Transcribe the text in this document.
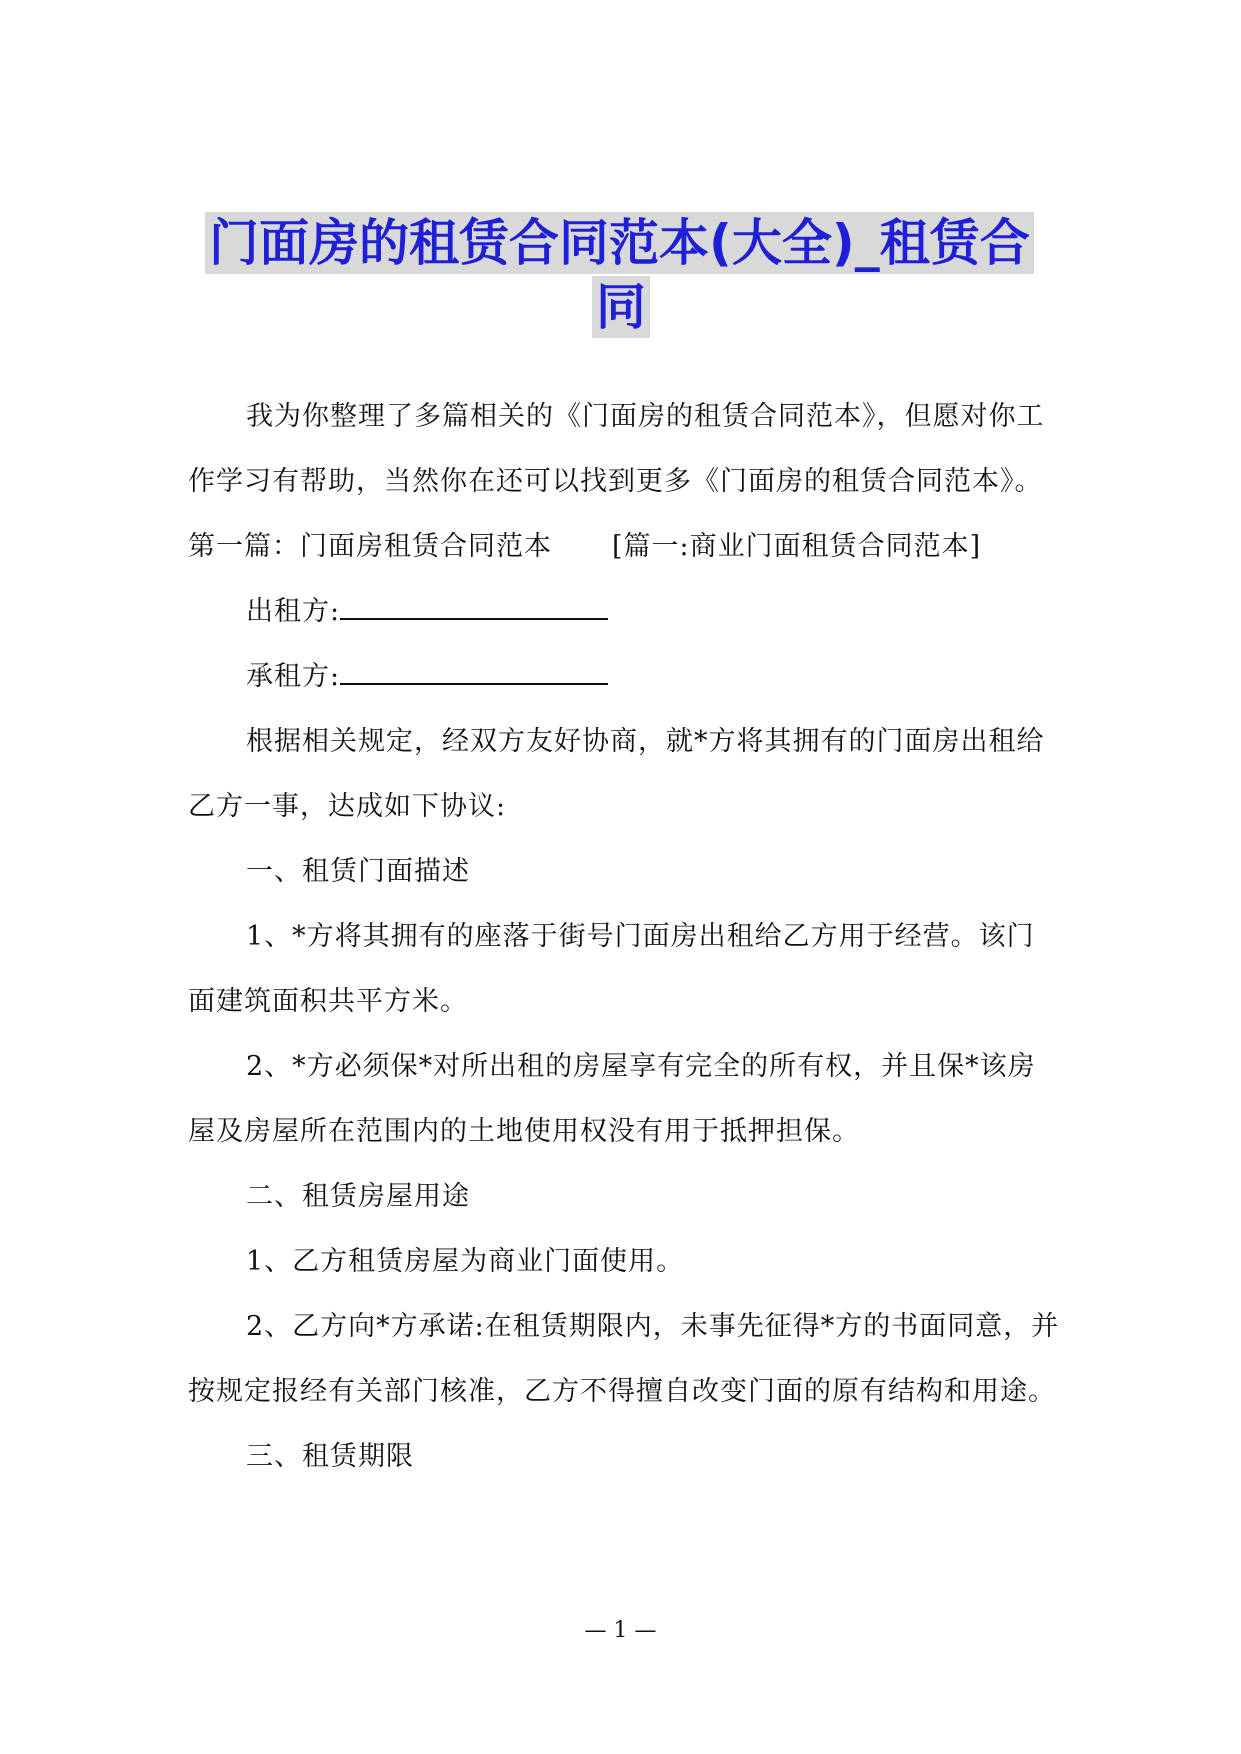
门面房的租赁合同范本(大全)_租赁合
同

我为你整理了多篇相关的《门面房的租赁合同范本》，但愿对你工作学习有帮助，当然你在还可以找到更多《门面房的租赁合同范本》。

第一篇：门面房租赁合同范本 [篇一:商业门面租赁合同范本]

出租方:

承租方:

根据相关规定，经双方友好协商，就*方将其拥有的门面房出租给乙方一事，达成如下协议:

一、租赁门面描述

1、*方将其拥有的座落于街号门面房出租给乙方用于经营。该门面建筑面积共平方米。

2、*方必须保*对所出租的房屋享有完全的所有权，并且保*该房屋及房屋所在范围内的土地使用权没有用于抵押担保。

二、租赁房屋用途

1、乙方租赁房屋为商业门面使用。

2、乙方向*方承诺:在租赁期限内，未事先征得*方的书面同意，并按规定报经有关部门核准，乙方不得擅自改变门面的原有结构和用途。

三、租赁期限

— 1 —
